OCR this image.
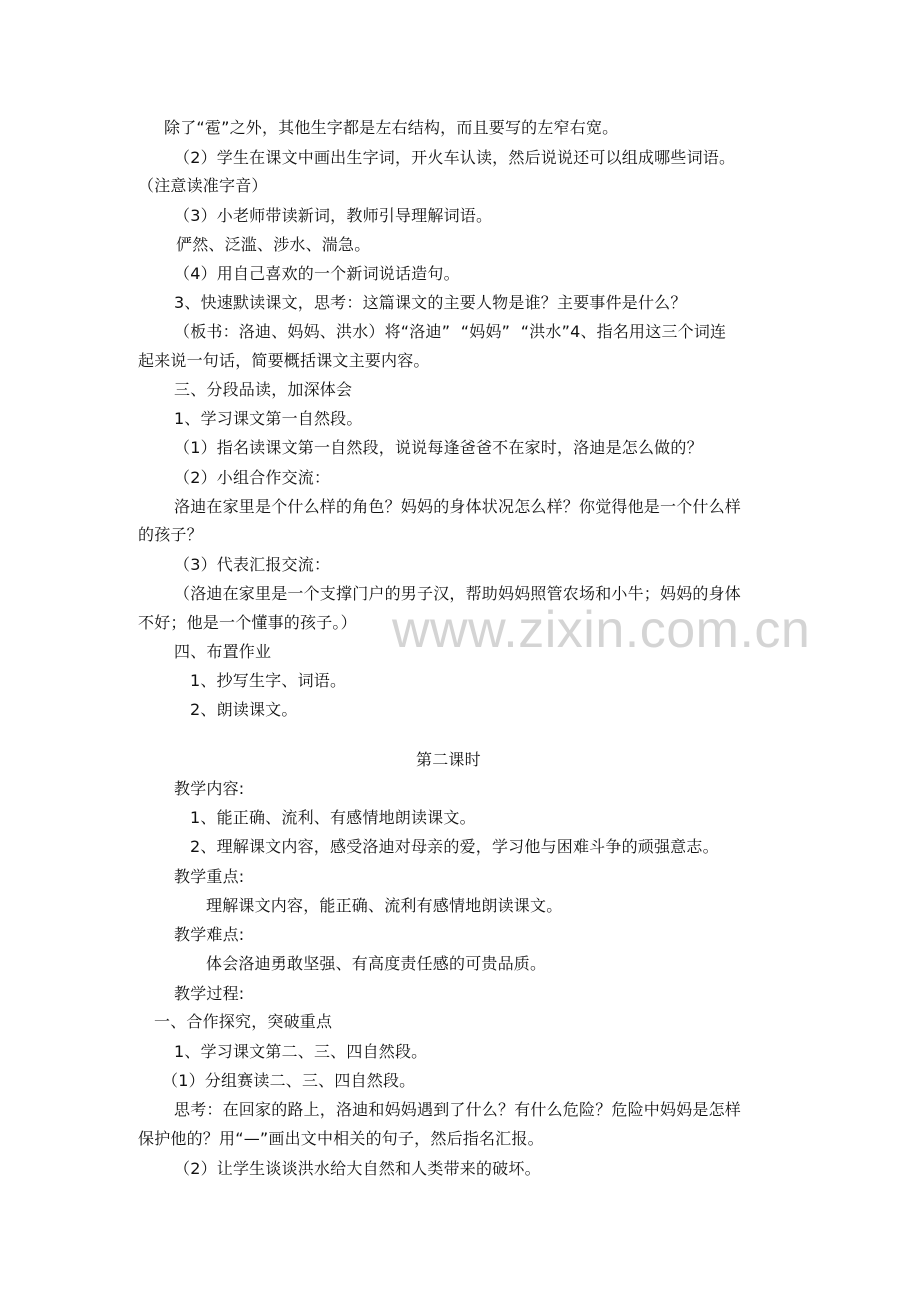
www.zixin.com.cn
除了“雹”之外，其他生字都是左右结构，而且要写的左窄右宽。
（2）学生在课文中画出生字词，开火车认读，然后说说还可以组成哪些词语。
（注意读准字音）
（3）小老师带读新词，教师引导理解词语。
俨然、泛滥、涉水、湍急。
（4）用自己喜欢的一个新词说话造句。
3、快速默读课文，思考：这篇课文的主要人物是谁？主要事件是什么？
（板书：洛迪、妈妈、洪水）将“洛迪”  “妈妈”  “洪水”4、指名用这三个词连
起来说一句话，简要概括课文主要内容。
三、分段品读，加深体会
1、学习课文第一自然段。
（1）指名读课文第一自然段，说说每逢爸爸不在家时，洛迪是怎么做的？
（2）小组合作交流：
洛迪在家里是个什么样的角色？妈妈的身体状况怎么样？你觉得他是一个什么样
的孩子？
（3）代表汇报交流：
（洛迪在家里是一个支撑门户的男子汉，帮助妈妈照管农场和小牛；妈妈的身体
不好；他是一个懂事的孩子。）
四、布置作业
1、抄写生字、词语。
2、朗读课文。
第二课时
教学内容:
1、能正确、流利、有感情地朗读课文。
2、理解课文内容，感受洛迪对母亲的爱，学习他与困难斗争的顽强意志。
教学重点:
理解课文内容，能正确、流利有感情地朗读课文。
教学难点:
体会洛迪勇敢坚强、有高度责任感的可贵品质。
教学过程:
一、合作探究，突破重点
1、学习课文第二、三、四自然段。
（1）分组赛读二、三、四自然段。
思考：在回家的路上，洛迪和妈妈遇到了什么？有什么危险？危险中妈妈是怎样
保护他的？用“—”画出文中相关的句子，然后指名汇报。
（2）让学生谈谈洪水给大自然和人类带来的破坏。
